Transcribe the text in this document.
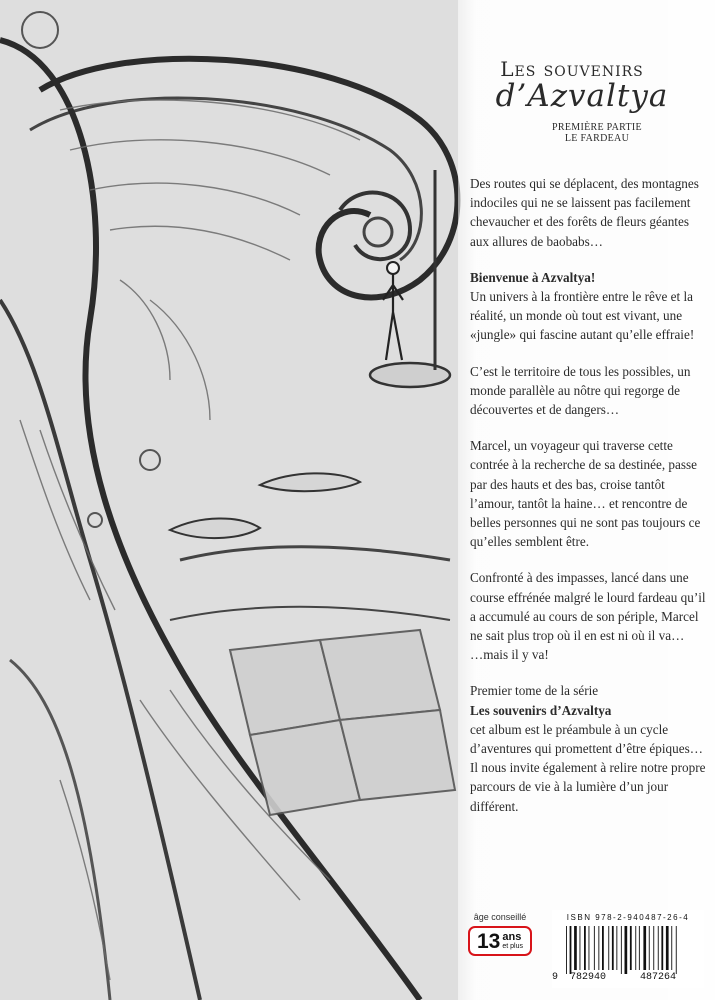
Les souvenirs
d’Azvaltya
PREMIÈRE PARTIE
LE FARDEAU

Des routes qui se déplacent, des montagnes indociles qui ne se laissent pas facilement chevaucher et des forêts de fleurs géantes aux allures de baobabs…

Bienvenue à Azvaltya!
Un univers à la frontière entre le rêve et la réalité, un monde où tout est vivant, une «jungle» qui fascine autant qu’elle effraie!

C’est le territoire de tous les possibles, un monde parallèle au nôtre qui regorge de découvertes et de dangers…

Marcel, un voyageur qui traverse cette contrée à la recherche de sa destinée, passe par des hauts et des bas, croise tantôt l’amour, tantôt la haine… et rencontre de belles personnes qui ne sont pas toujours ce qu’elles semblent être.

Confronté à des impasses, lancé dans une course effrénée malgré le lourd fardeau qu’il a accumulé au cours de son périple, Marcel ne sait plus trop où il en est ni où il va…
…mais il y va!

Premier tome de la série
Les souvenirs d’Azvaltya
cet album est le préambule à un cycle d’aventures qui promettent d’être épiques… Il nous invite également à relire notre propre parcours de vie à la lumière d’un jour différent.

âge conseillé
13 ans
et plus
ISBN 978-2-940487-26-4
9 782940	487264
